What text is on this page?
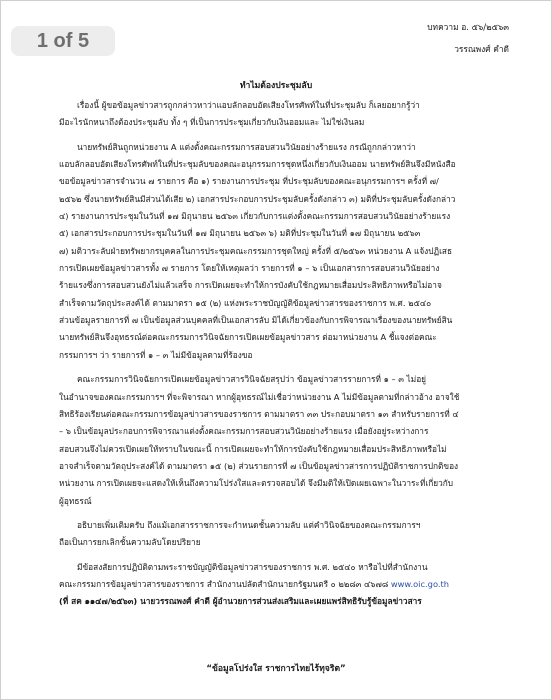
1 of 5
บทความ อ. ๕๖/๒๕๖๓
วรรณพงศ์ คำดี
ทำไมต้องประชุมลับ
เรื่องนี้ ผู้ขอข้อมูลข่าวสารถูกกล่าวหาว่าแอบลักลอบอัดเสียงโทรศัพท์ในที่ประชุมลับ ก็เลยอยากรู้ว่า
มีอะไรนักหนาถึงต้องประชุมลับ ทั้ง ๆ ที่เป็นการประชุมเกี่ยวกับเงินออมและ ไม่ใช่เงินลม
นายทรัพย์สินถูกหน่วยงาน A แต่งตั้งคณะกรรมการสอบสวนวินัยอย่างร้ายแรง กรณีถูกกล่าวหาว่า
แอบลักลอบอัดเสียงโทรศัพท์ในที่ประชุมลับของคณะอนุกรรมการชุดหนึ่งเกี่ยวกับเงินออม นายทรัพย์สินจึงมีหนังสือ
ขอข้อมูลข่าวสารจำนวน ๗ รายการ คือ ๑) รายงานการประชุม ที่ประชุมลับของคณะอนุกรรมการฯ ครั้งที่ ๗/
๒๕๖๒ ซึ่งนายทรัพย์สินมีส่วนได้เสีย ๒) เอกสารประกอบการประชุมลับครั้งดังกล่าว ๓) มติที่ประชุมลับครั้งดังกล่าว
๔) รายงานการประชุมในวันที่ ๑๗ มิถุนายน ๒๕๖๓ เกี่ยวกับการแต่งตั้งคณะกรรมการสอบสวนวินัยอย่างร้ายแรง
๕) เอกสารประกอบการประชุมในวันที่ ๑๗ มิถุนายน ๒๕๖๓ ๖) มติที่ประชุมในวันที่ ๑๗ มิถุนายน ๒๕๖๓
๗) มติวาระลับฝ่ายทรัพยากรบุคคลในการประชุมคณะกรรมการชุดใหญ่ ครั้งที่ ๕/๒๕๖๓ หน่วยงาน A แจ้งปฏิเสธ
การเปิดเผยข้อมูลข่าวสารทั้ง ๗ รายการ โดยให้เหตุผลว่า รายการที่ ๑ – ๖ เป็นเอกสารการสอบสวนวินัยอย่าง
ร้ายแรงซึ่งการสอบสวนยังไม่แล้วเสร็จ การเปิดเผยจะทำให้การบังคับใช้กฎหมายเสื่อมประสิทธิภาพหรือไม่อาจ
สำเร็จตามวัตถุประสงค์ได้ ตามมาตรา ๑๕ (๒) แห่งพระราชบัญญัติข้อมูลข่าวสารของราชการ พ.ศ. ๒๕๔๐
ส่วนข้อมูลรายการที่ ๗ เป็นข้อมูลส่วนบุคคลที่เป็นเอกสารลับ มิได้เกี่ยวข้องกับการพิจารณาเรื่องของนายทรัพย์สิน
นายทรัพย์สินจึงอุทธรณ์ต่อคณะกรรมการวินิจฉัยการเปิดเผยข้อมูลข่าวสาร ต่อมาหน่วยงาน A ชี้แจงต่อคณะ
กรรมการฯ ว่า รายการที่ ๑ – ๓ ไม่มีข้อมูลตามที่ร้องขอ
คณะกรรมการวินิจฉัยการเปิดเผยข้อมูลข่าวสารวินิจฉัยสรุปว่า ข้อมูลข่าวสารรายการที่ ๑ – ๓ ไม่อยู่
ในอำนาจของคณะกรรมการฯ ที่จะพิจารณา หากผู้อุทธรณ์ไม่เชื่อว่าหน่วยงาน A ไม่มีข้อมูลตามที่กล่าวอ้าง อาจใช้
สิทธิร้องเรียนต่อคณะกรรมการข้อมูลข่าวสารของราชการ ตามมาตรา ๓๓ ประกอบมาตรา ๑๓ สำหรับรายการที่ ๔
– ๖ เป็นข้อมูลประกอบการพิจารณาแต่งตั้งคณะกรรมการสอบสวนวินัยอย่างร้ายแรง เมื่อยังอยู่ระหว่างการ
สอบสวนจึงไม่ควรเปิดเผยให้ทราบในขณะนี้ การเปิดเผยจะทำให้การบังคับใช้กฎหมายเสื่อมประสิทธิภาพหรือไม่
อาจสำเร็จตามวัตถุประสงค์ได้ ตามมาตรา ๑๕ (๒) ส่วนรายการที่ ๗ เป็นข้อมูลข่าวสารการปฏิบัติราชการปกติของ
หน่วยงาน การเปิดเผยจะแสดงให้เห็นถึงความโปร่งใสและตรวจสอบได้ จึงมีมติให้เปิดเผยเฉพาะในวาระที่เกี่ยวกับ
ผู้อุทธรณ์
อธิบายเพิ่มเติมครับ ถึงแม้เอกสารราชการจะกำหนดชั้นความลับ แต่คำวินิจฉัยของคณะกรรมการฯ
ถือเป็นการยกเลิกชั้นความลับโดยปริยาย
มีข้อสงสัยการปฏิบัติตามพระราชบัญญัติข้อมูลข่าวสารของราชการ พ.ศ. ๒๕๔๐ หารือไปที่สำนักงาน
คณะกรรมการข้อมูลข่าวสารของราชการ สำนักงานปลัดสำนักนายกรัฐมนตรี ๐ ๒๒๘๓ ๔๖๗๘ www.oic.go.th
(ที่ สค ๑๑๔๗/๒๕๖๓) นายวรรณพงศ์ คำดี ผู้อำนวยการส่วนส่งเสริมและเผยแพร่สิทธิรับรู้ข้อมูลข่าวสาร
“ข้อมูลโปร่งใส ราชการไทยไร้ทุจริต”
